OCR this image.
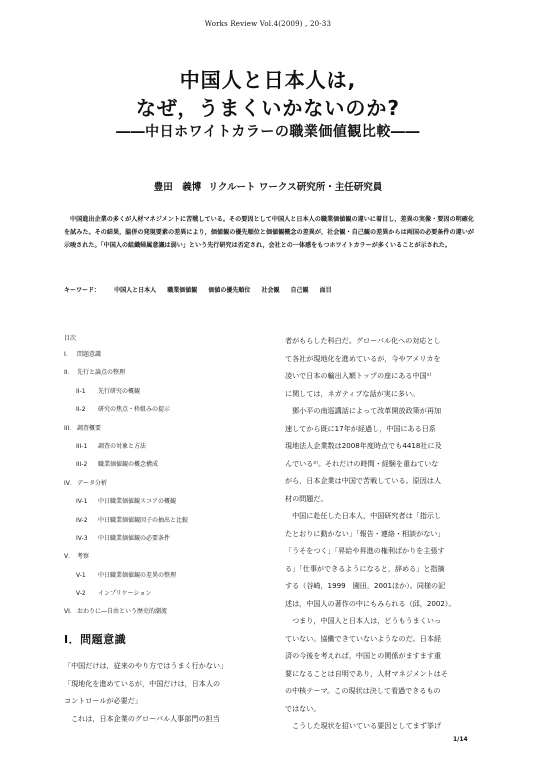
Works Review Vol.4(2009) , 20-33
中国人と日本人は,
なぜ，うまくいかないのか?
――中日ホワイトカラーの職業価値観比較――
豊田　義博 リクルート ワークス研究所・主任研究員
中国進出企業の多くが人材マネジメントに苦戦している。その要因として中国人と日本人の職業価値観の違いに着目し，差異の実像・要因の明確化を試みた。その結果，脇併の発現要素の差異により，価値観の優先順位と価値観概念の差異が，社会観・自己観の差異からは両国の必要条件の違いが示唆された。「中国人の組織帰属意識は弱い」という先行研究は否定され，会社との一体感をもつホワイトカラーが多くいることが示された。
キーワード： 中国人と日本人 職業価値観 価値の優先順位 社会観 自己観 面目
目次
I． 問題意識
II． 先行と論点の整理
II-1 先行研究の概観
II-2 研究の焦点・枠組みの提示
III． 調査概要
III-1 調査の対象と方法
III-2 職業価値観の概念構成
IV．データ分析
IV-1 中日職業価値観スコアの概観
IV-2 中日職業価値観因子の抽出と比較
IV-3 中日職業価値観の必要条件
V． 考察
V-1 中日職業価値観の差異の整理
V-2 インプリケーション
VI．おわりに―自由という歴史的潮流
Ⅰ．問題意識

「中国だけは，従来のやり方ではうまく行かない」

「現地化を進めているが，中国だけは，日本人の

コントロールが必要だ」

　これは，日本企業のグローバル人事部門の担当

者がもらした科白だ。グローバル化への対応とし

て各社が現地化を進めているが，今やアメリカを

凌いで日本の輸出入額トップの座にある中国¹⁾

に関しては，ネガティブな話が実に多い。

　鄧小平の南巡講話によって改革開放政策が再加

速してから既に17年が経過し，中国にある日系

現地法人企業数は2008年度時点でも4418社に及

んでいる²⁾。それだけの時間・経験を重ねていな

がら，日本企業は中国で苦戦している。原因は人

材の問題だ。

　中国に赴任した日本人，中国研究者は「指示し

たとおりに動かない」「報告・連絡・相談がない」

「うそをつく」「昇給や昇進の権利ばかりを主張す

る」「仕事ができるようになると，辞める」と指摘

する（谷崎，1999　園田，2001ほか）。同様の記

述は，中国人の著作の中にもみられる（邱，2002）。

　つまり，中国人と日本人は，どうもうまくいっ

ていない。協働できていないようなのだ。日本経

済の今後を考えれば，中国との関係がますます重

要になることは自明であり，人材マネジメントはそ

の中核テーマ。この現状は決して看過できるもの

ではない。

　こうした現状を招いている要因としてまず挙げ

1/14
